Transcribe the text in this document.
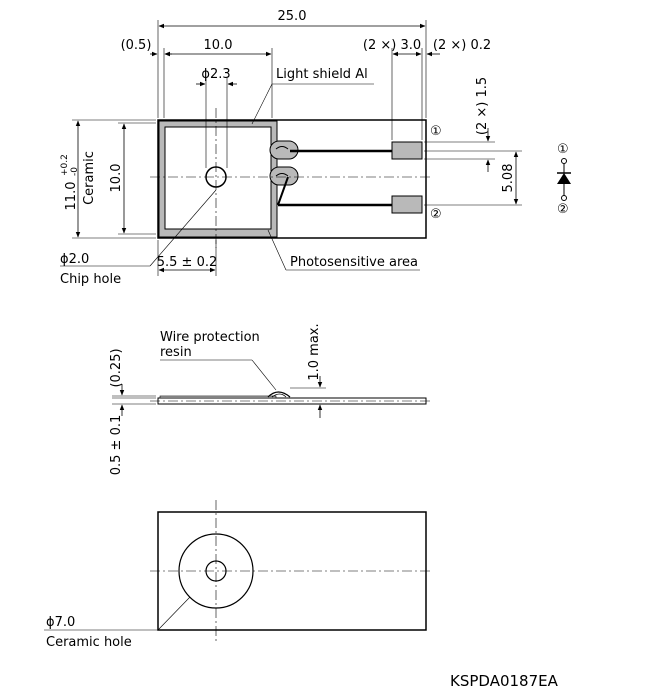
①
②
25.0
(0.5)	10.0
ϕ2.3	Light shield Al
(2 ×) 3.0 (2 ×) 0.2
(2 ×) 1.5
5.08
11.0
+0.2 -0 Ceramic 10.0
ϕ2.0
Chip hole
5.5 ± 0.2	Photosensitive area
①
②
Wire protection
resin	1.0 max.
(0.25)
0.5 ± 0.1
ϕ7.0
Ceramic hole
KSPDA0187EA
